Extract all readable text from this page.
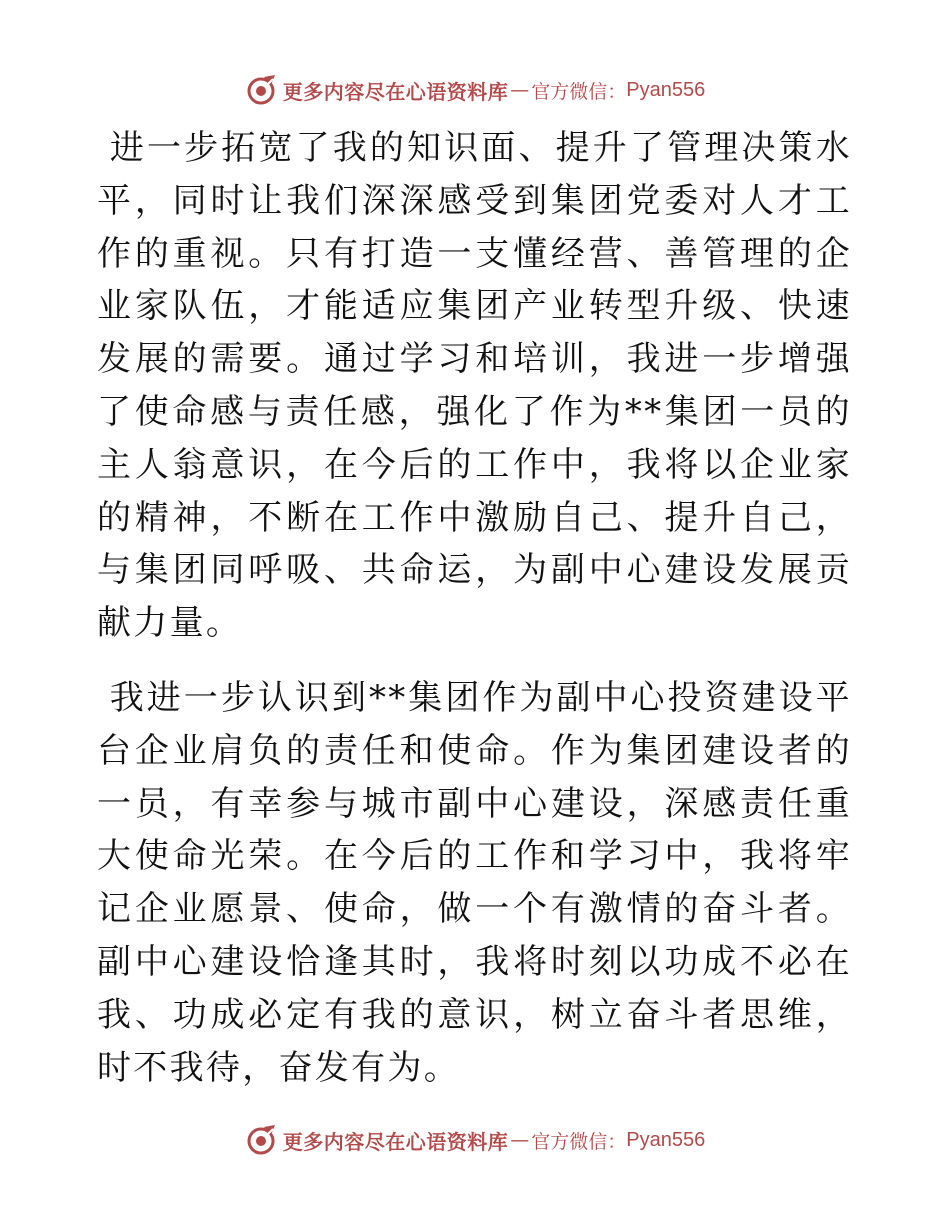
更多内容尽在心语资料库 — 官方微信： Pyan556

进一步拓宽了我的知识面、提升了管理决策水平，同时让我们深深感受到集团党委对人才工作的重视。只有打造一支懂经营、善管理的企业家队伍，才能适应集团产业转型升级、快速发展的需要。通过学习和培训，我进一步增强了使命感与责任感，强化了作为**集团一员的主人翁意识，在今后的工作中，我将以企业家的精神，不断在工作中激励自己、提升自己，与集团同呼吸、共命运，为副中心建设发展贡献力量。

我进一步认识到**集团作为副中心投资建设平台企业肩负的责任和使命。作为集团建设者的一员，有幸参与城市副中心建设，深感责任重大使命光荣。在今后的工作和学习中，我将牢记企业愿景、使命，做一个有激情的奋斗者。副中心建设恰逢其时，我将时刻以功成不必在我、功成必定有我的意识，树立奋斗者思维，时不我待，奋发有为。

更多内容尽在心语资料库 — 官方微信： Pyan556
